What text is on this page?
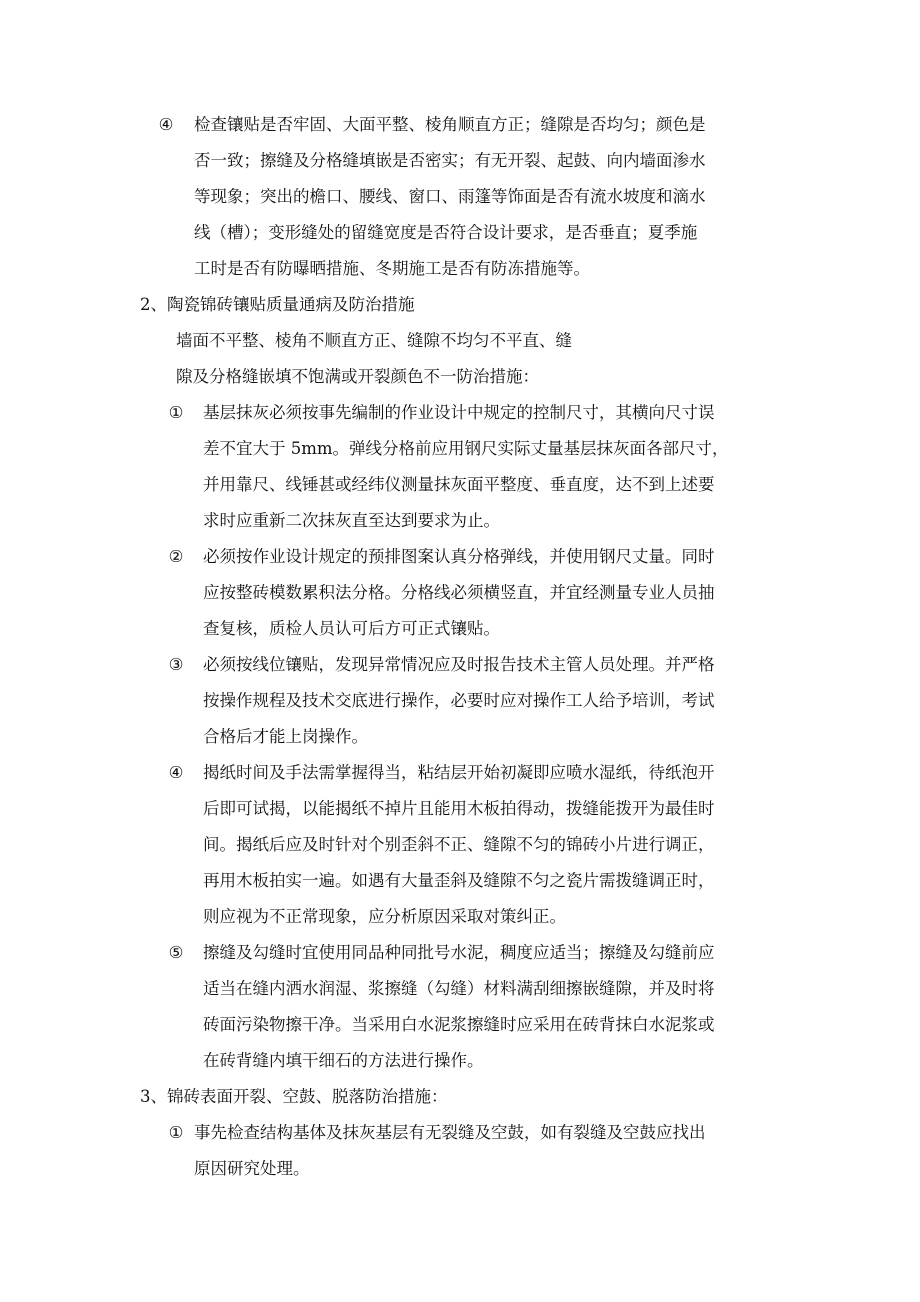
④ 检查镶贴是否牢固、大面平整、棱角顺直方正；缝隙是否均匀；颜色是
否一致；擦缝及分格缝填嵌是否密实；有无开裂、起鼓、向内墙面渗水
等现象；突出的檐口、腰线、窗口、雨篷等饰面是否有流水坡度和滴水
线（槽）；变形缝处的留缝宽度是否符合设计要求，是否垂直；夏季施
工时是否有防曝晒措施、冬期施工是否有防冻措施等。
2、陶瓷锦砖镶贴质量通病及防治措施
墙面不平整、棱角不顺直方正、缝隙不均匀不平直、缝
隙及分格缝嵌填不饱满或开裂颜色不一防治措施：
① 基层抹灰必须按事先编制的作业设计中规定的控制尺寸，其横向尺寸误
差不宜大于 5mm。弹线分格前应用钢尺实际丈量基层抹灰面各部尺寸，
并用靠尺、线锤甚或经纬仪测量抹灰面平整度、垂直度，达不到上述要
求时应重新二次抹灰直至达到要求为止。
② 必须按作业设计规定的预排图案认真分格弹线，并使用钢尺丈量。同时
应按整砖模数累积法分格。分格线必须横竖直，并宜经测量专业人员抽
查复核，质检人员认可后方可正式镶贴。
③ 必须按线位镶贴，发现异常情况应及时报告技术主管人员处理。并严格
按操作规程及技术交底进行操作，必要时应对操作工人给予培训，考试
合格后才能上岗操作。
④ 揭纸时间及手法需掌握得当，粘结层开始初凝即应喷水湿纸，待纸泡开
后即可试揭，以能揭纸不掉片且能用木板拍得动，拨缝能拨开为最佳时
间。揭纸后应及时针对个别歪斜不正、缝隙不匀的锦砖小片进行调正，
再用木板拍实一遍。如遇有大量歪斜及缝隙不匀之瓷片需拨缝调正时，
则应视为不正常现象，应分析原因采取对策纠正。
⑤ 擦缝及勾缝时宜使用同品种同批号水泥，稠度应适当；擦缝及勾缝前应
适当在缝内洒水润湿、浆擦缝（勾缝）材料满刮细擦嵌缝隙，并及时将
砖面污染物擦干净。当采用白水泥浆擦缝时应采用在砖背抹白水泥浆或
在砖背缝内填干细石的方法进行操作。
3、锦砖表面开裂、空鼓、脱落防治措施：
① 事先检查结构基体及抹灰基层有无裂缝及空鼓，如有裂缝及空鼓应找出
原因研究处理。
